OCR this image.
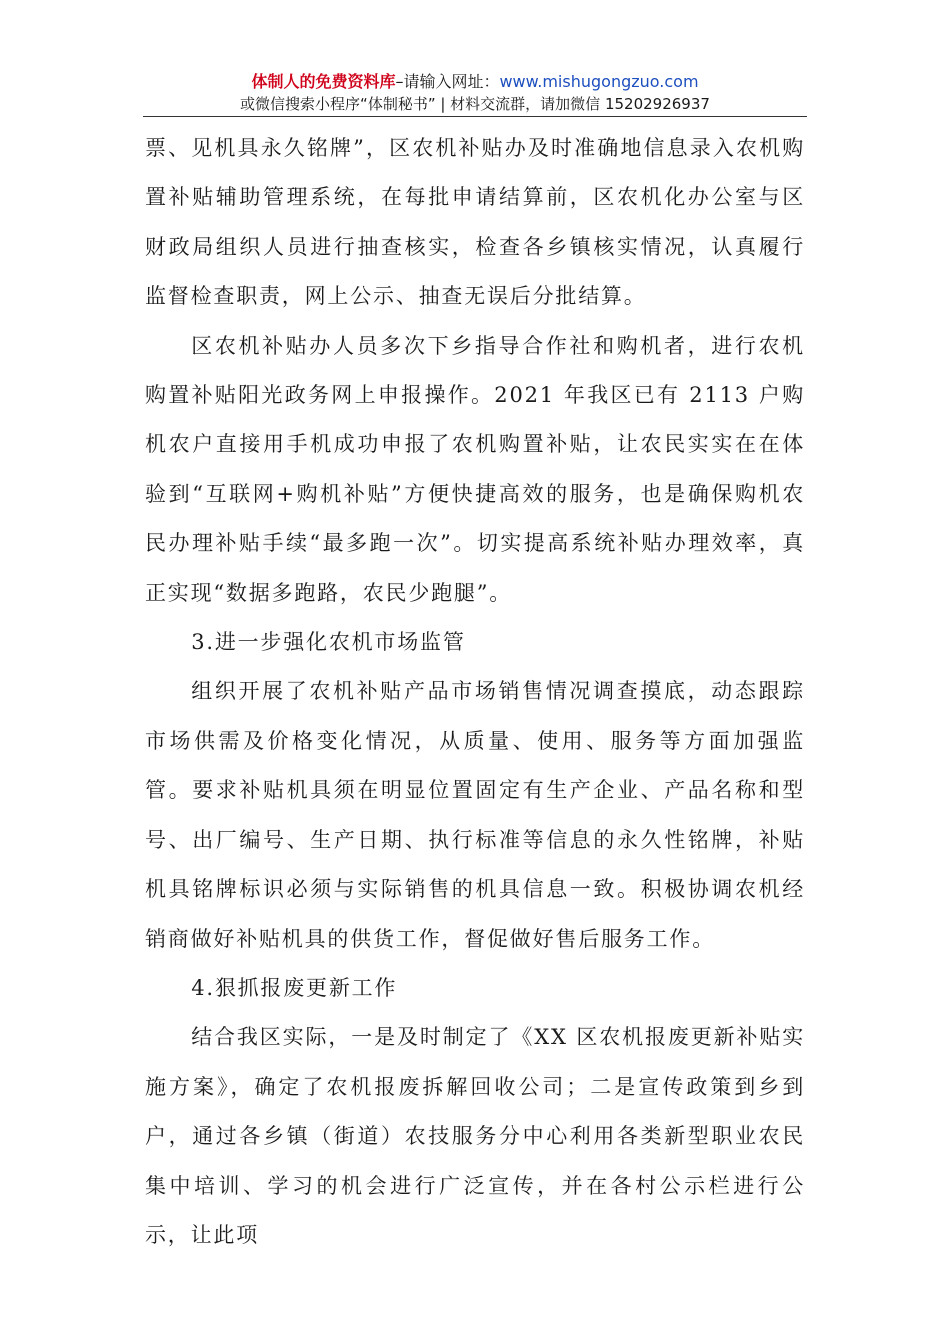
体制人的免费资料库–请输入网址：www.mishugongzuo.com
或微信搜索小程序“体制秘书” | 材料交流群，请加微信 15202926937

票、见机具永久铭牌”，区农机补贴办及时准确地信息录入农机购置补贴辅助管理系统，在每批申请结算前，区农机化办公室与区财政局组织人员进行抽查核实，检查各乡镇核实情况，认真履行监督检查职责，网上公示、抽查无误后分批结算。

区农机补贴办人员多次下乡指导合作社和购机者，进行农机购置补贴阳光政务网上申报操作。2021 年我区已有 2113 户购机农户直接用手机成功申报了农机购置补贴，让农民实实在在体验到“互联网+购机补贴”方便快捷高效的服务，也是确保购机农民办理补贴手续“最多跑一次”。切实提高系统补贴办理效率，真正实现“数据多跑路，农民少跑腿”。

3.进一步强化农机市场监管

组织开展了农机补贴产品市场销售情况调查摸底，动态跟踪市场供需及价格变化情况，从质量、使用、服务等方面加强监管。要求补贴机具须在明显位置固定有生产企业、产品名称和型号、出厂编号、生产日期、执行标准等信息的永久性铭牌，补贴机具铭牌标识必须与实际销售的机具信息一致。积极协调农机经销商做好补贴机具的供货工作，督促做好售后服务工作。

4.狠抓报废更新工作

结合我区实际，一是及时制定了《XX 区农机报废更新补贴实施方案》，确定了农机报废拆解回收公司；二是宣传政策到乡到户，通过各乡镇（街道）农技服务分中心利用各类新型职业农民集中培训、学习的机会进行广泛宣传，并在各村公示栏进行公示，让此项
